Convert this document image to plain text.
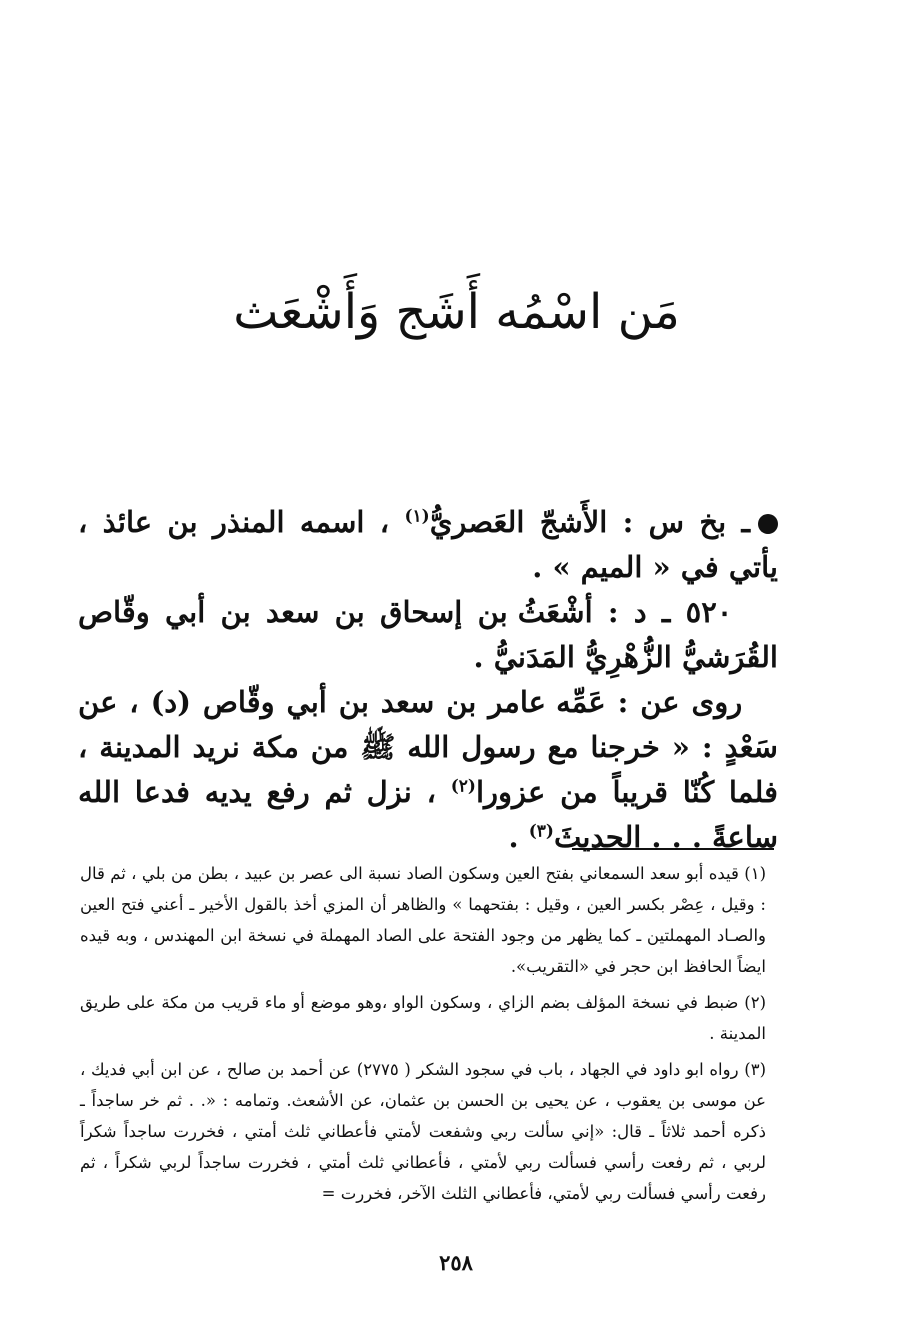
مَن اسْمُه أَشَج وَأَشْعَث

ـ بخ س : الأَشجّ العَصريُّ$^{(١)}$ ، اسمه المنذر بن عائذ ، يأتي في « الميم » .

٥٢٠ ـ د : أشْعَثُ بن إسحاق بن سعد بن أبي وقّاص القُرَشيُّ الزُّهْرِيُّ المَدَنيُّ .

روى عن : عَمِّه عامر بن سعد بن أبي وقّاص (د) ، عن سَعْدٍ : « خرجنا مع رسول الله ﷺ من مكة نريد المدينة ، فلما كُنّا قريباً من عزورا$^{(٢)}$ ، نزل ثم رفع يديه فدعا الله ساعةً . . . الحديثَ$^{(٣)}$ .

(١) قيده أبو سعد السمعاني بفتح العين وسكون الصاد نسبة الى عصر بن عبيد ، بطن من بلي ، ثم قال : وقيل ، عِصْر بكسر العين ، وقيل : بفتحهما » والظاهر أن المزي أخذ بالقول الأخير ـ أعني فتح العين والصـاد المهملتين ـ كما يظهر من وجود الفتحة على الصاد المهملة في نسخة ابن المهندس ، وبه قيده ايضاً الحافظ ابن حجر في «التقريب».

(٢) ضبط في نسخة المؤلف بضم الزاي ، وسكون الواو ،وهو موضع أو ماء قريب من مكة على طريق المدينة .

(٣) رواه ابو داود في الجهاد ، باب في سجود الشكر ( ٢٧٧٥) عن أحمد بن صالح ، عن ابن أبي فديك ، عن موسى بن يعقوب ، عن يحيى بن الحسن بن عثمان، عن الأشعث. وتمامه : «. . ثم خر ساجداً ـ ذكره أحمد ثلاثاً ـ قال: «إني سألت ربي وشفعت لأمتي فأعطاني ثلث أمتي ، فخررت ساجداً شكراً لربي ، ثم رفعت رأسي فسألت ربي لأمتي ، فأعطاني ثلث أمتي ، فخررت ساجداً لربي شكراً ، ثم رفعت رأسي فسألت ربي لأمتي، فأعطاني الثلث الآخر، فخررت =

٢٥٨
